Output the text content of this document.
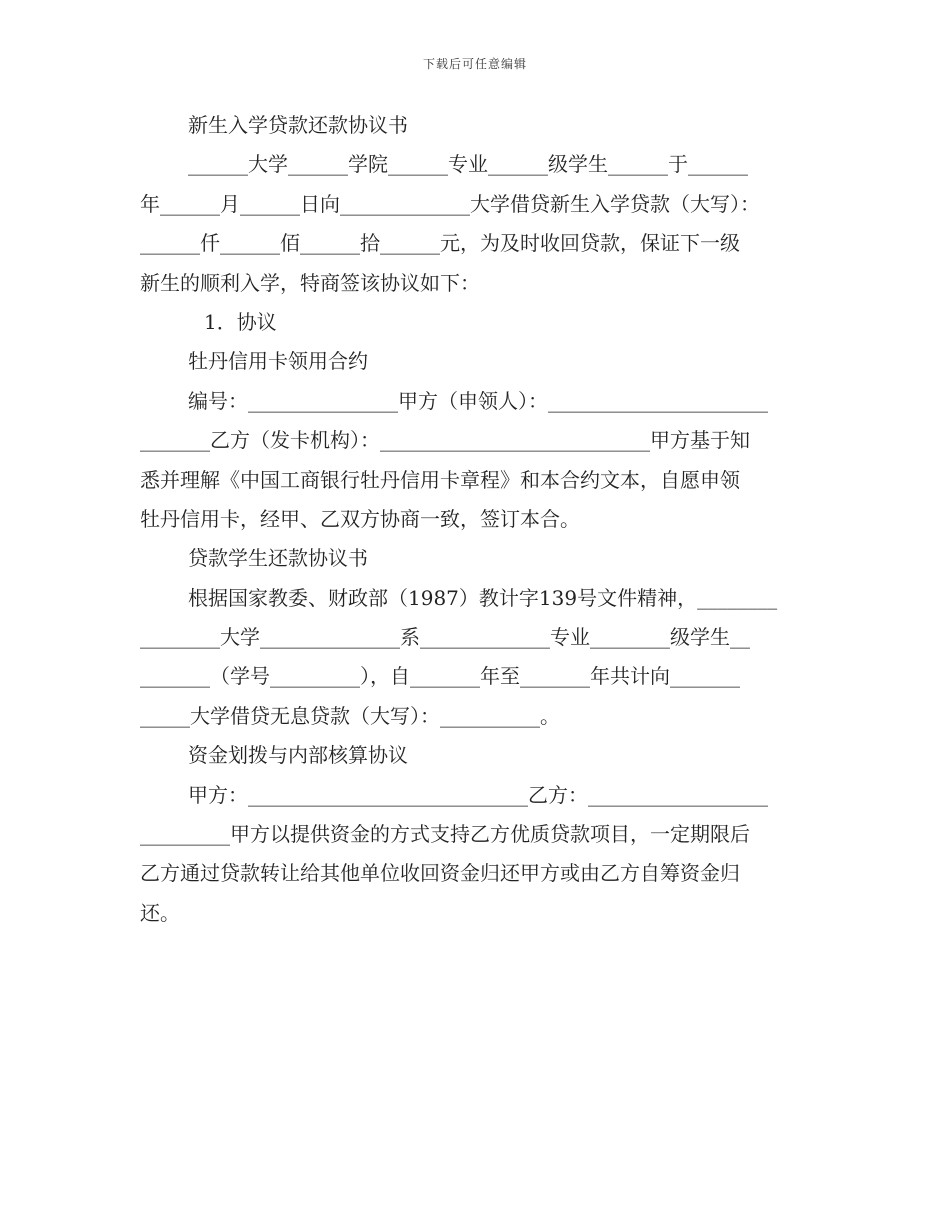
下载后可任意编辑
新生入学贷款还款协议书
______大学______学院______专业______级学生______于______
年______月______日向_____________大学借贷新生入学贷款（大写）：
______仟______佰______拾______元，为及时收回贷款，保证下一级
新生的顺利入学，特商签该协议如下：
1．协议
牡丹信用卡领用合约
编号：_______________甲方（申领人）：______________________
_______乙方（发卡机构）：___________________________甲方基于知
悉并理解《中国工商银行牡丹信用卡章程》和本合约文本，自愿申领
牡丹信用卡，经甲、乙双方协商一致，签订本合。
贷款学生还款协议书
根据国家教委、财政部（1987）教计字139号文件精神，________
________大学______________系_____________专业________级学生__
_______（学号_________），自_______年至_______年共计向_______
_____大学借贷无息贷款（大写）：__________。
资金划拨与内部核算协议
甲方：____________________________乙方：__________________
_________甲方以提供资金的方式支持乙方优质贷款项目，一定期限后
乙方通过贷款转让给其他单位收回资金归还甲方或由乙方自筹资金归
还。
